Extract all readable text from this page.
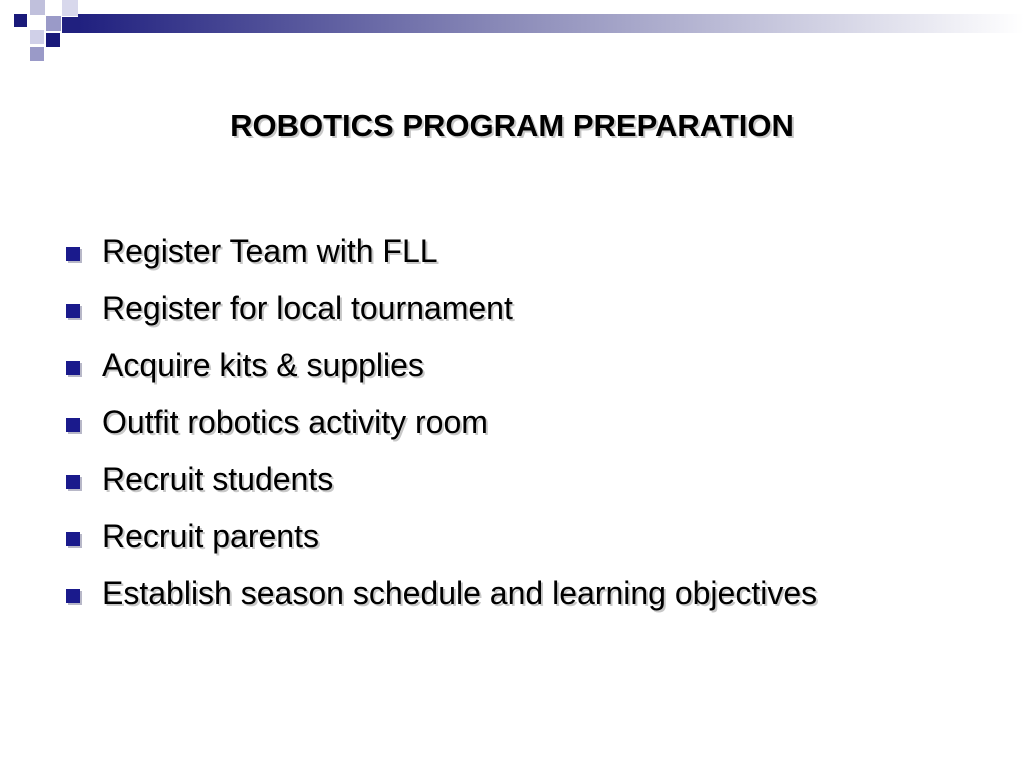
ROBOTICS PROGRAM PREPARATION
Register Team with FLL
Register for local tournament
Acquire kits & supplies
Outfit robotics activity room
Recruit students
Recruit parents
Establish season schedule and learning objectives
